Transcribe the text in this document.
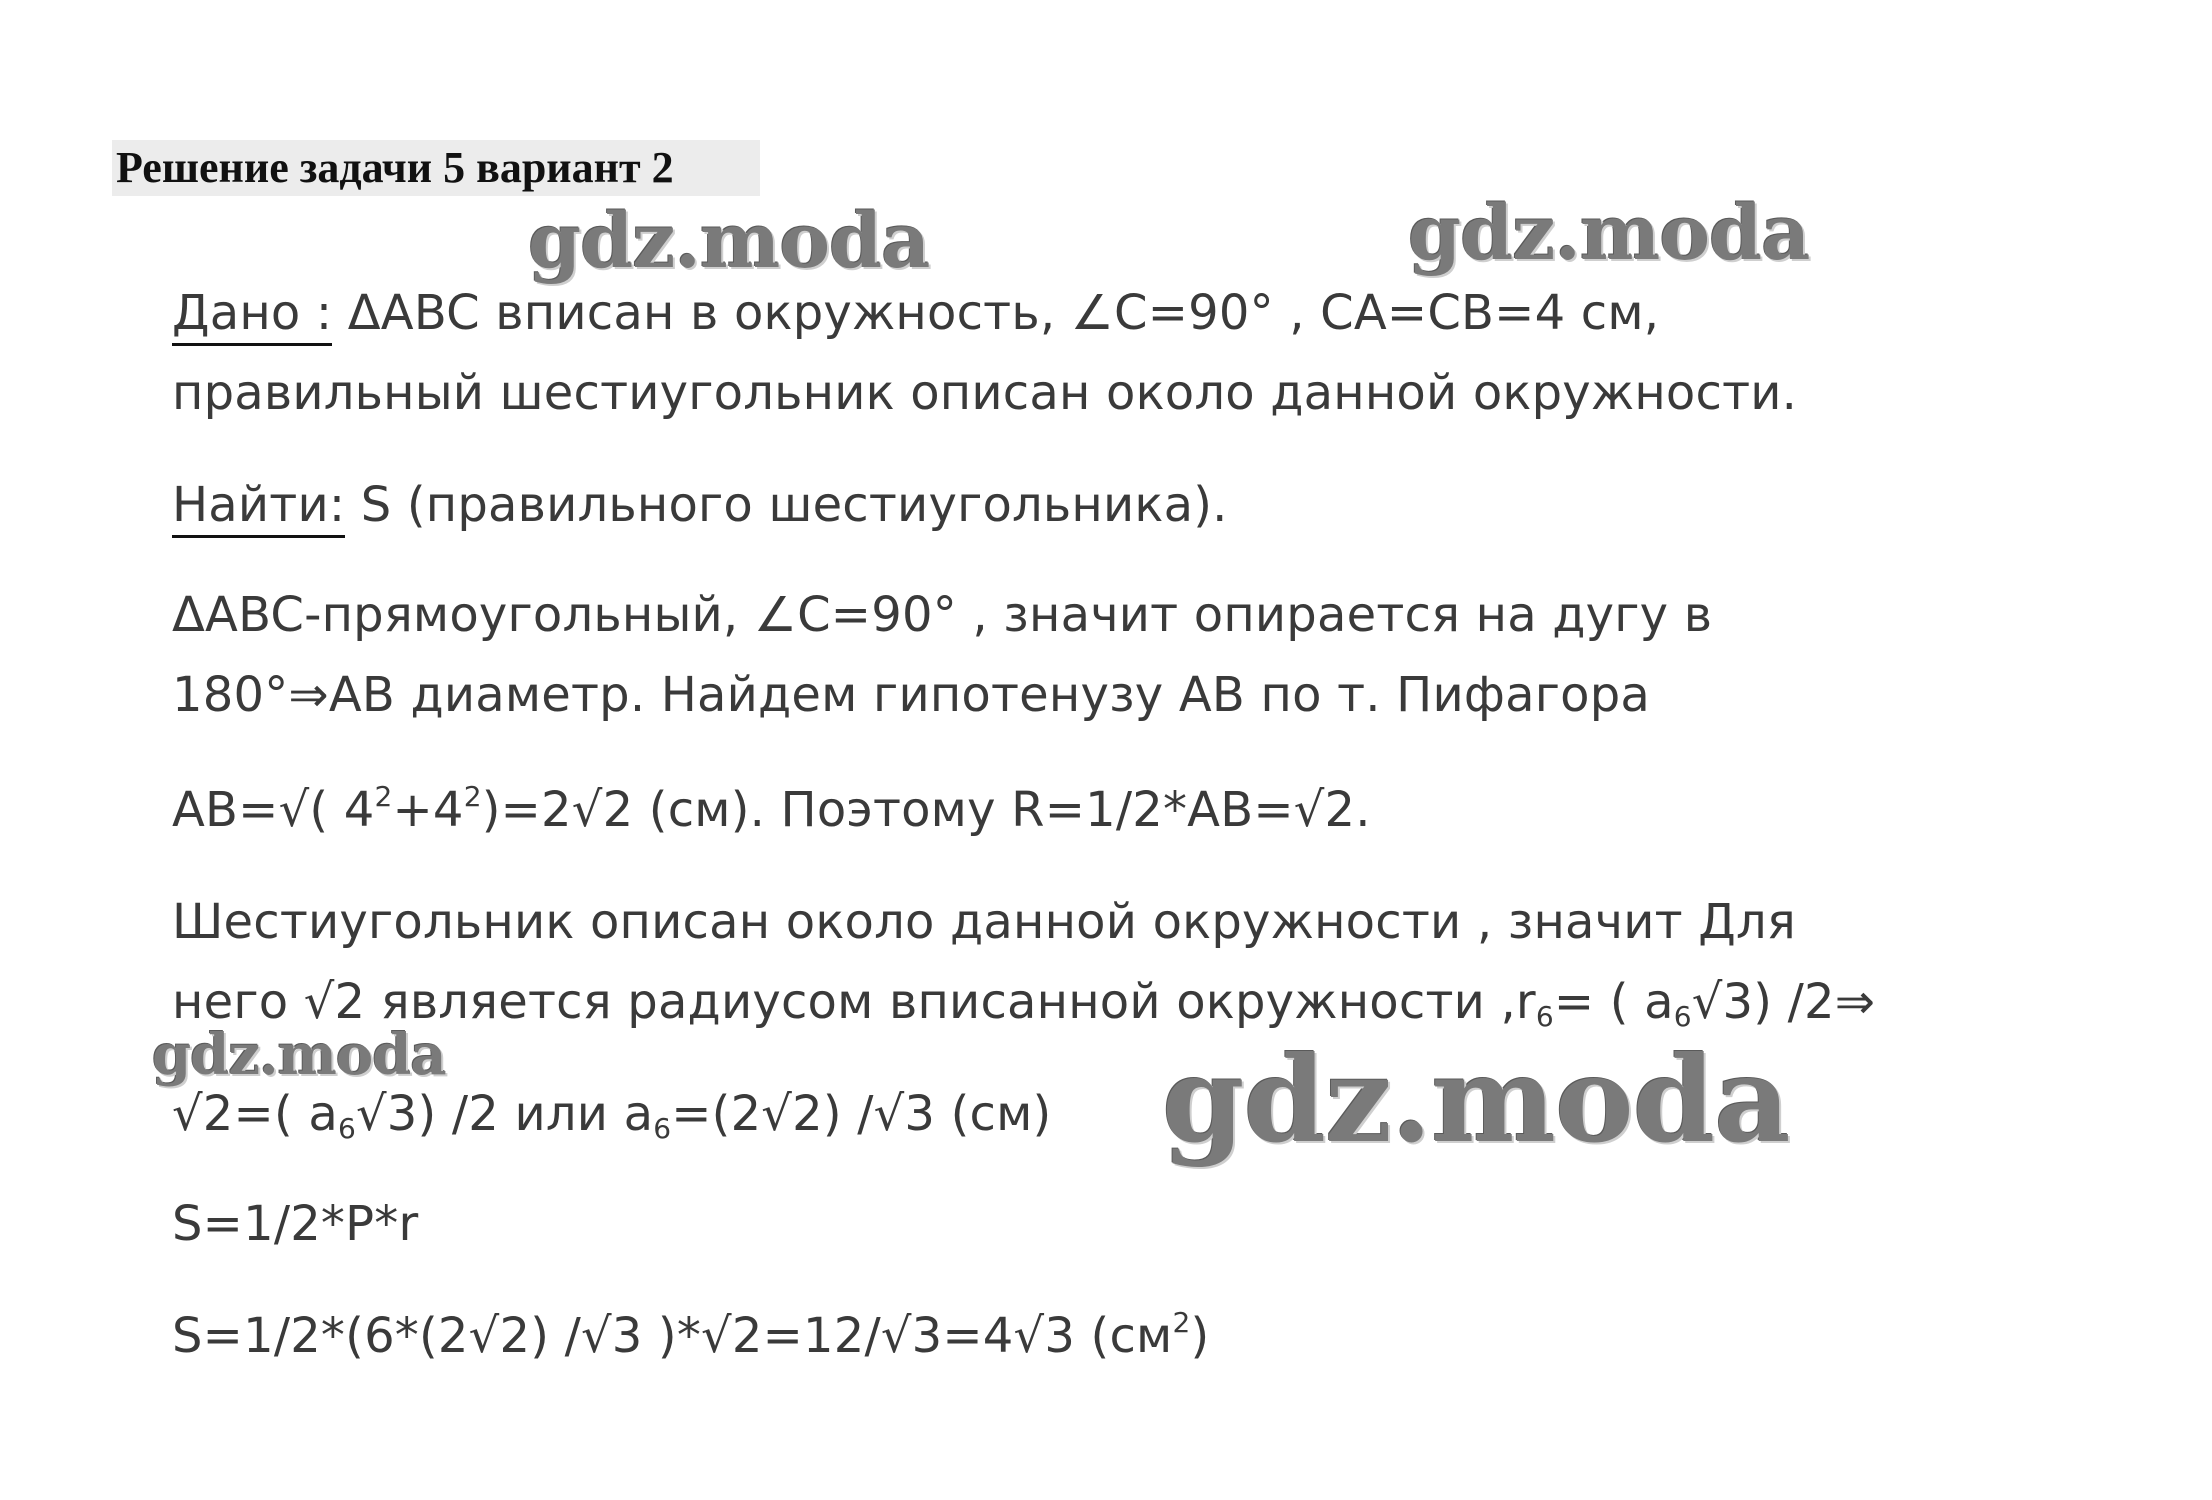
Решение задачи 5 вариант 2
Дано : ΔABC вписан в окружность, ∠C=90° , CA=CB=4 см,
правильный шестиугольник описан около данной окружности.
Найти: S (правильного шестиугольника).
ΔABC-прямоугольный, ∠C=90° , значит опирается на дугу в
180°⇒AB диаметр. Найдем гипотенузу AB по т. Пифагора
AB=√( $4^2+4^2)=2√2$ (см). Поэтому R=1/2*AB=√2.
Шестиугольник описан около данной окружности , значит Для
него √2 является радиусом вписанной окружности $,r_6=$ ( $a_6√3$) /2⇒
√2=( $a_6√3$) /2 или $a_6=(2√2)$ /√3 (см)
S=1/2*P*r
S=1/2*(6*(2√2) /√3 )*√2=12/√3=4√3 $(см^2)$
gdz.moda	gdz.moda
gdz.moda	gdz.moda
